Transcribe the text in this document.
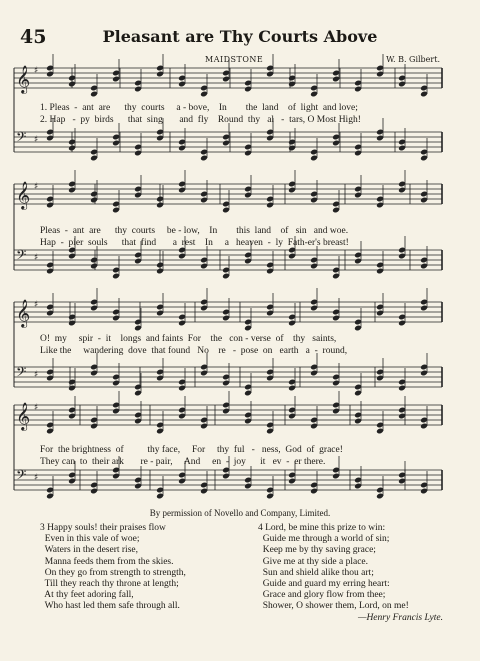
45	Pleasant are Thy Courts Above
MAIDSTONE	W. B. Gilbert.
𝄞 ♯
𝄢 ♯
1. Pleas  -  ant  are      thy  courts     a - bove,    In        the  land    of  light  and love;
2. Hap   -  py  birds      that  sing       and  fly    Round  thy   al   -  tars, O Most High!
𝄞 ♯
𝄢 ♯
Pleas  -  ant  are      thy  courts     be - low,    In        this  land    of   sin   and woe.
Hap  -  pier  souls      that  find       a  rest    In     a   heaven  -  ly  Fath-er's breast!
𝄞 ♯
𝄢 ♯
O!  my     spir  -  it    longs  and faints  For    the   con - verse  of    thy   saints,
Like the     wandering  dove  that found   No    re   -  pose  on   earth   a  -  round,
𝄞 ♯
𝄢 ♯
For  the brightness  of          thy face,     For     thy  ful   -   ness,  God  of  grace!
They can  to  their ark       re - pair,     And     en  -  joy      it   ev  -  er there.
By permission of Novello and Company, Limited.
3 Happy souls! their praises flow
Even in this vale of woe;
Waters in the desert rise,
Manna feeds them from the skies.
On they go from strength to strength,
Till they reach thy throne at length;
At thy feet adoring fall,
Who hast led them safe through all.
4 Lord, be mine this prize to win:
Guide me through a world of sin;
Keep me by thy saving grace;
Give me at thy side a place.
Sun and shield alike thou art;
Guide and guard my erring heart:
Grace and glory flow from thee;
Shower, O shower them, Lord, on me!
—Henry Francis Lyte.
